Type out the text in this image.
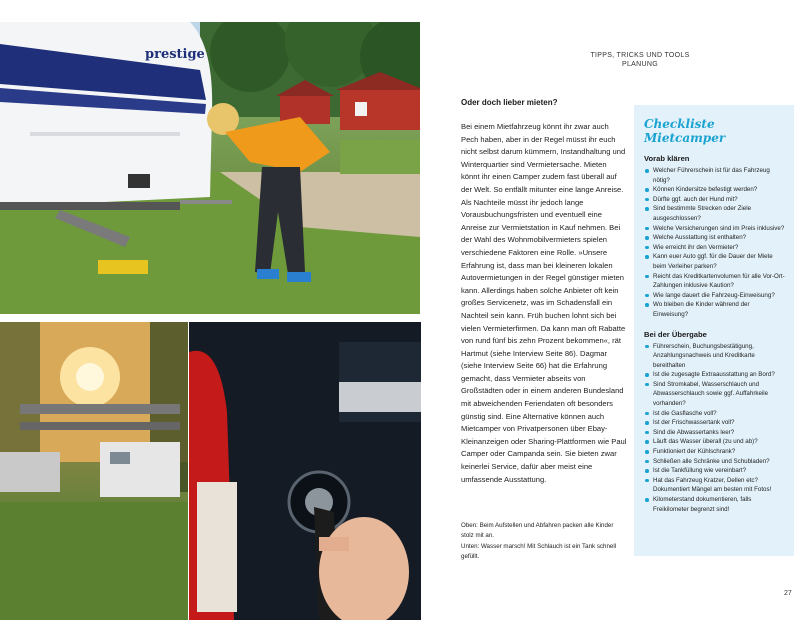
prestige	TIPPS, TRICKS UND TOOLS
PLANUNG
Oder doch lieber mieten?

Bei einem Mietfahrzeug könnt ihr zwar auch Pech haben, aber in der Regel müsst ihr euch nicht selbst darum kümmern, Instandhaltung und Winterquartier sind Vermietersache. Mieten könnt ihr einen Camper zudem fast überall auf der Welt. So entfällt mitunter eine lange Anreise. Als Nachteile müsst ihr jedoch lange Vorausbuchungsfristen und eventuell eine Anreise zur Vermietstation in Kauf nehmen. Bei der Wahl des Wohnmobilvermieters spielen verschiedene Faktoren eine Rolle. »Unsere Erfahrung ist, dass man bei kleineren lokalen Autovermietungen in der Regel günstiger mieten kann. Allerdings haben solche Anbieter oft kein großes Servicenetz, was im Schadensfall ein Nachteil sein kann. Früh buchen lohnt sich bei vielen Vermieterfirmen. Da kann man oft Rabatte von rund fünf bis zehn Prozent bekommen«, rät Hartmut (siehe Interview Seite 86). Dagmar (siehe Interview Seite 66) hat die Erfahrung gemacht, dass Vermieter abseits von Großstädten oder in einem anderen Bundesland mit abweichenden Feriendaten oft besonders günstig sind. Eine Alternative können auch Mietcamper von Privatpersonen über Ebay-Kleinanzeigen oder Sharing-Plattformen wie Paul Camper oder Campanda sein. Sie bieten zwar keinerlei Service, dafür aber meist eine umfassende Ausstattung.

Oben: Beim Aufstellen und Abfahren packen alle Kinder stolz mit an.

Unten: Wasser marsch! Mit Schlauch ist ein Tank schnell gefüllt.

Checkliste Mietcamper
Vorab klären
Welcher Führerschein ist für das Fahrzeug nötig?
Können Kindersitze befestigt werden?
Dürfte ggf. auch der Hund mit?
Sind bestimmte Strecken oder Ziele ausgeschlossen?
Welche Versicherungen sind im Preis inklusive?
Welche Ausstattung ist enthalten?
Wie erreicht ihr den Vermieter?
Kann euer Auto ggf. für die Dauer der Miete beim Verleiher parken?
Reicht das Kreditkartenvolumen für alle Vor-Ort-Zahlungen inklusive Kaution?
Wie lange dauert die Fahrzeug-Einweisung?
Wo bleiben die Kinder während der Einweisung?
Bei der Übergabe
Führerschein, Buchungsbestätigung, Anzahlungsnachweis und Kreditkarte bereithalten
Ist die zugesagte Extraausstattung an Bord?
Sind Stromkabel, Wasserschlauch und Abwasserschlauch sowie ggf. Auffahrkeile vorhanden?
Ist die Gasflasche voll?
Ist der Frischwassertank voll?
Sind die Abwassertanks leer?
Läuft das Wasser überall (zu und ab)?
Funktioniert der Kühlschrank?
Schließen alle Schränke und Schubladen?
Ist die Tankfüllung wie vereinbart?
Hat das Fahrzeug Kratzer, Dellen etc? Dokumentiert Mängel am besten mit Fotos!
Kilometerstand dokumentieren, falls Freikilometer begrenzt sind!
27
